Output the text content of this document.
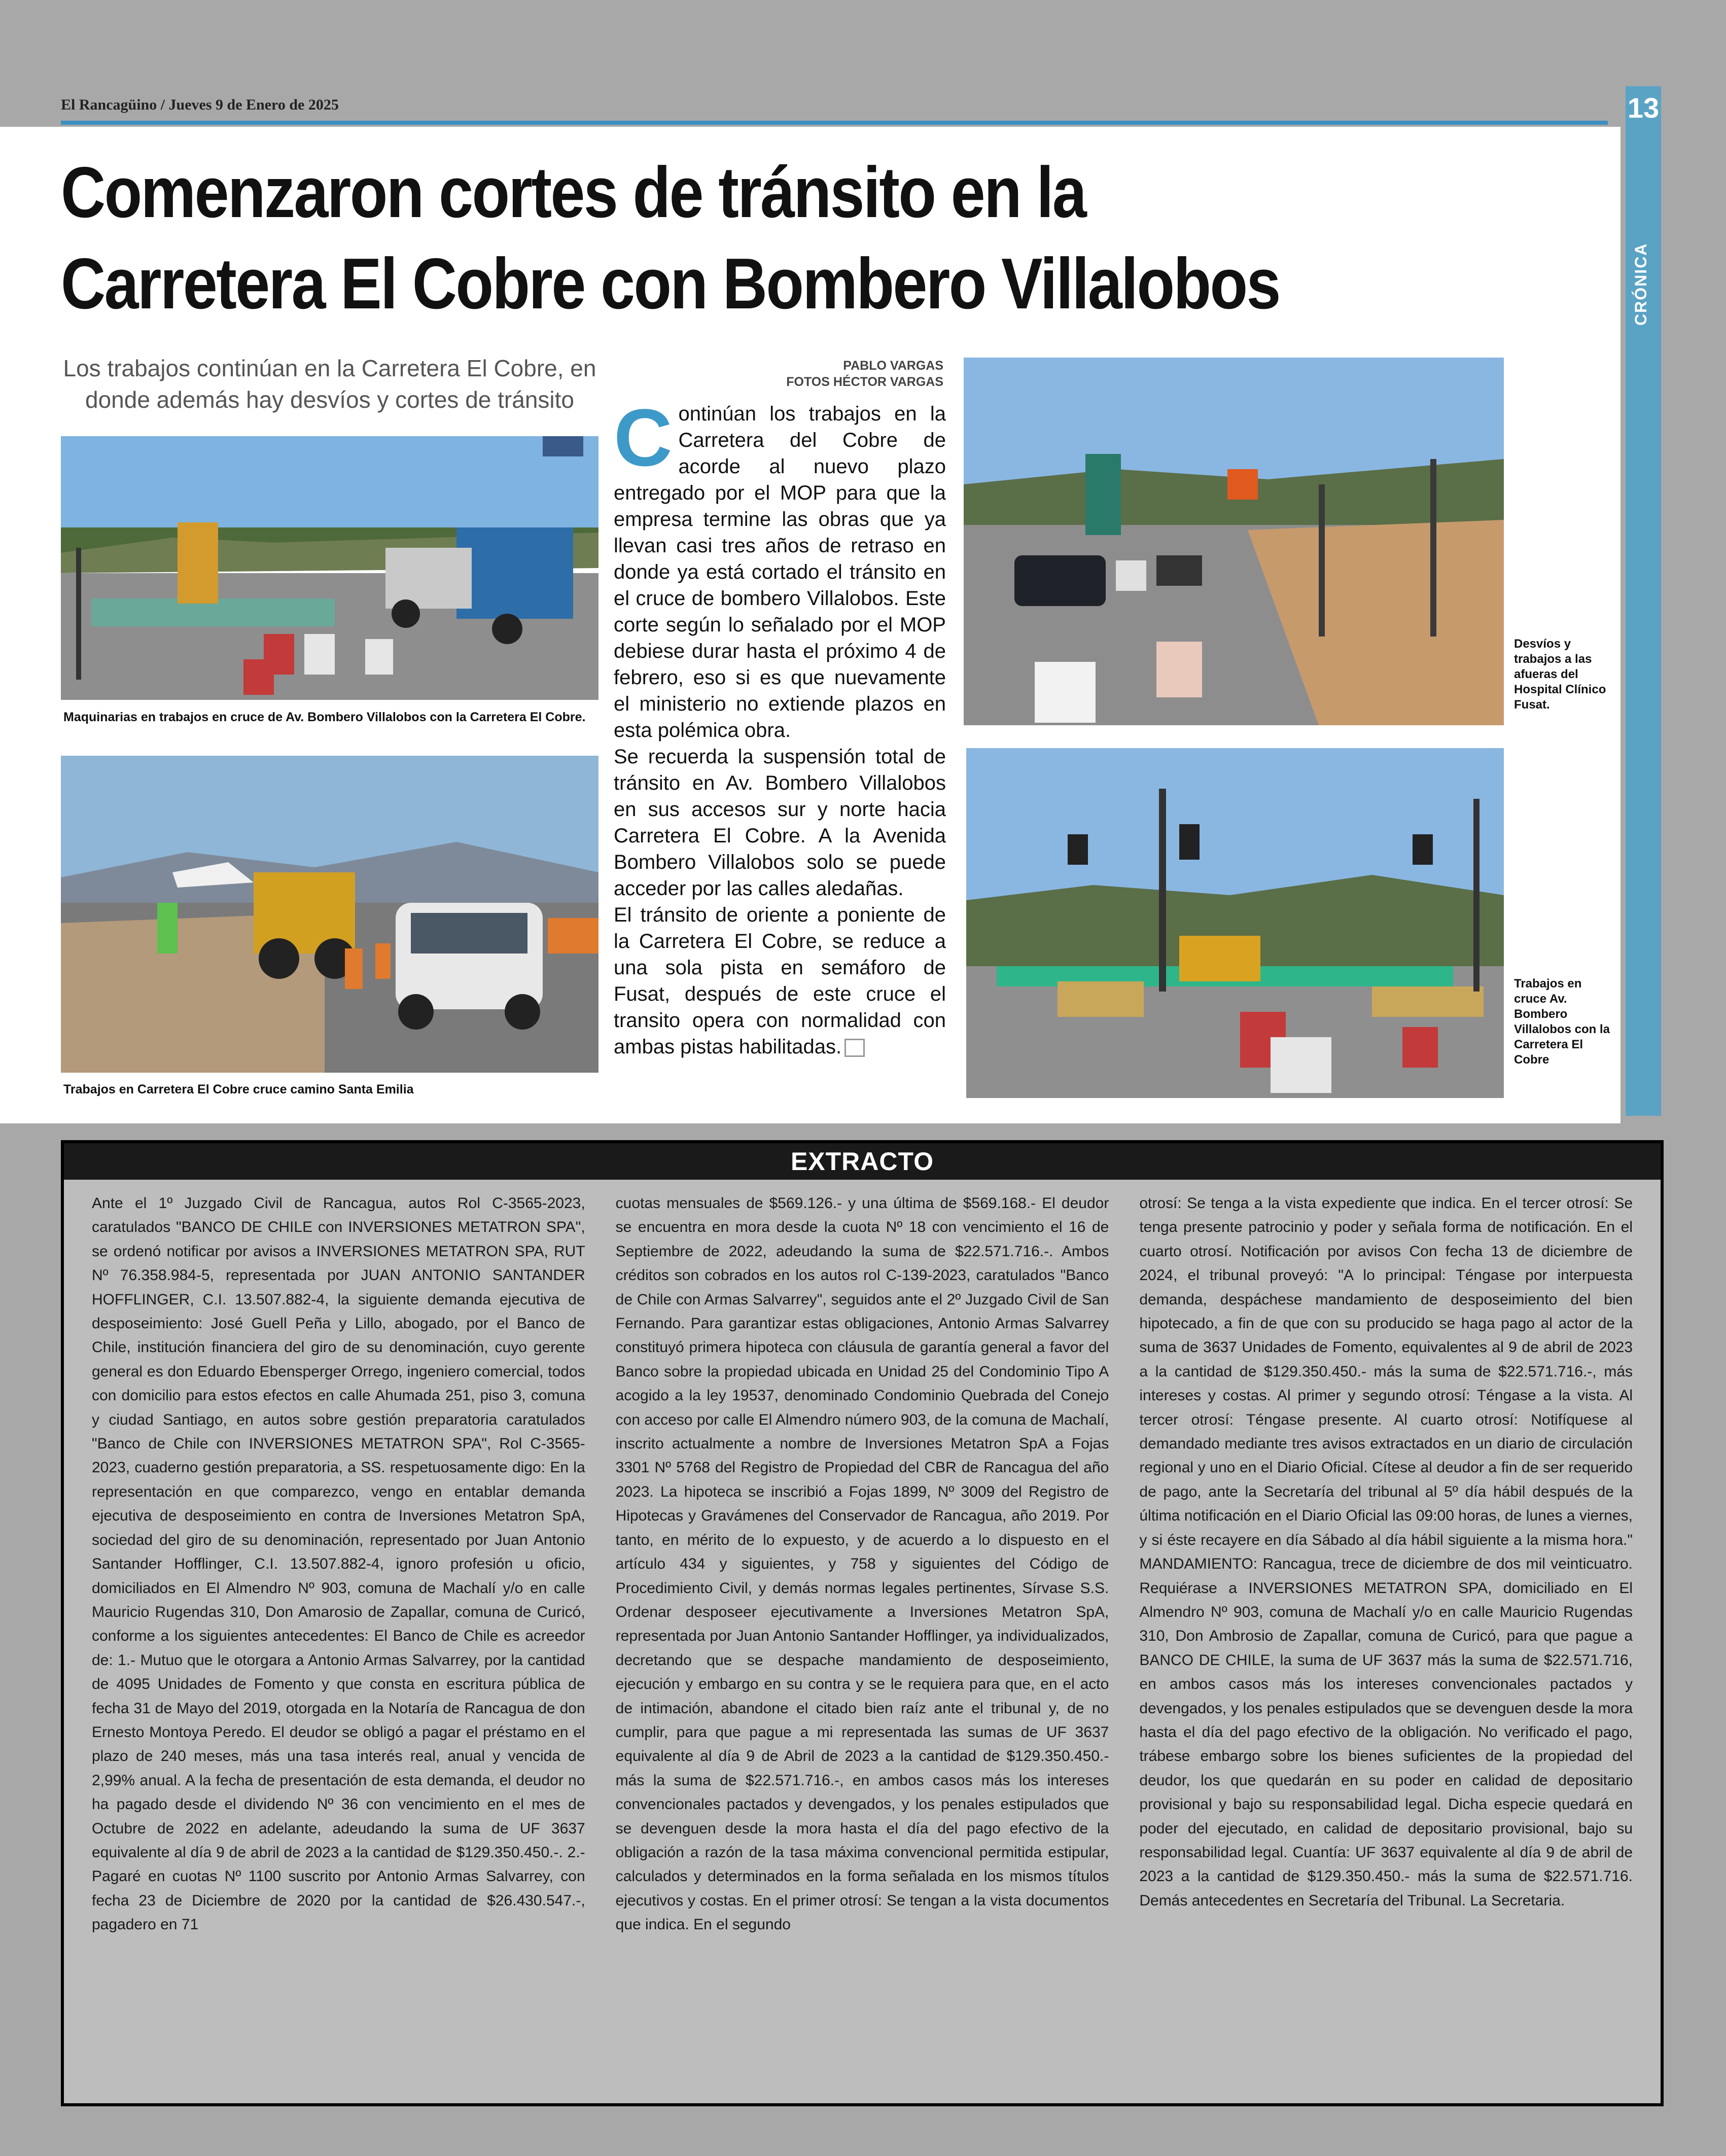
El Rancagüino / Jueves 9 de Enero de 2025	13
CRÓNICA
Comenzaron cortes de tránsito en la
Carretera El Cobre con Bombero Villalobos
Los trabajos continúan en la Carretera El Cobre, en donde además hay desvíos y cortes de tránsito
Maquinarias en trabajos en cruce de Av. Bombero Villalobos con la Carretera El Cobre.
Trabajos en Carretera El Cobre cruce camino Santa Emilia
PABLO VARGAS
FOTOS HÉCTOR VARGAS

Continúan los trabajos en la Carretera del Cobre de acorde al nuevo plazo entregado por el MOP para que la empresa termine las obras que ya llevan casi tres años de retraso en donde ya está cortado el tránsito en el cruce de bombero Villalobos. Este corte según lo señalado por el MOP debiese durar hasta el próximo 4 de febrero, eso si es que nuevamente el ministerio no extiende plazos en esta polémica obra.

Se recuerda la suspensión total de tránsito en Av. Bombero Villalobos en sus accesos sur y norte hacia Carretera El Cobre. A la Avenida Bombero Villalobos solo se puede acceder por las calles aledañas.

El tránsito de oriente a poniente de la Carretera El Cobre, se reduce a una sola pista en semáforo de Fusat, después de este cruce el transito opera con normalidad con ambas pistas habilitadas.

Desvíos y trabajos a las afueras del Hospital Clínico Fusat.
Trabajos en cruce Av. Bombero Villalobos con la Carretera El Cobre
EXTRACTO
Ante el 1º Juzgado Civil de Rancagua, autos Rol C-3565-2023, caratulados "BANCO DE CHILE con INVERSIONES METATRON SPA", se ordenó notificar por avisos a INVERSIONES METATRON SPA, RUT Nº 76.358.984-5, representada por JUAN ANTONIO SANTANDER HOFFLINGER, C.I. 13.507.882-4, la siguiente demanda ejecutiva de desposeimiento: José Guell Peña y Lillo, abogado, por el Banco de Chile, institución financiera del giro de su denominación, cuyo gerente general es don Eduardo Ebensperger Orrego, ingeniero comercial, todos con domicilio para estos efectos en calle Ahumada 251, piso 3, comuna y ciudad Santiago, en autos sobre gestión preparatoria caratulados "Banco de Chile con INVERSIONES METATRON SPA", Rol C-3565-2023, cuaderno gestión preparatoria, a SS. respetuosamente digo: En la representación en que comparezco, vengo en entablar demanda ejecutiva de desposeimiento en contra de Inversiones Metatron SpA, sociedad del giro de su denominación, representado por Juan Antonio Santander Hofflinger, C.I. 13.507.882-4, ignoro profesión u oficio, domiciliados en El Almendro Nº 903, comuna de Machalí y/o en calle Mauricio Rugendas 310, Don Amarosio de Zapallar, comuna de Curicó, conforme a los siguientes antecedentes: El Banco de Chile es acreedor de: 1.- Mutuo que le otorgara a Antonio Armas Salvarrey, por la cantidad de 4095 Unidades de Fomento y que consta en escritura pública de fecha 31 de Mayo del 2019, otorgada en la Notaría de Rancagua de don Ernesto Montoya Peredo. El deudor se obligó a pagar el préstamo en el plazo de 240 meses, más una tasa interés real, anual y vencida de 2,99% anual. A la fecha de presentación de esta demanda, el deudor no ha pagado desde el dividendo Nº 36 con vencimiento en el mes de Octubre de 2022 en adelante, adeudando la suma de UF 3637 equivalente al día 9 de abril de 2023 a la cantidad de $129.350.450.-. 2.- Pagaré en cuotas Nº 1100 suscrito por Antonio Armas Salvarrey, con fecha 23 de Diciembre de 2020 por la cantidad de $26.430.547.-, pagadero en 71
cuotas mensuales de $569.126.- y una última de $569.168.- El deudor se encuentra en mora desde la cuota Nº 18 con vencimiento el 16 de Septiembre de 2022, adeudando la suma de $22.571.716.-. Ambos créditos son cobrados en los autos rol C-139-2023, caratulados "Banco de Chile con Armas Salvarrey", seguidos ante el 2º Juzgado Civil de San Fernando. Para garantizar estas obligaciones, Antonio Armas Salvarrey constituyó primera hipoteca con cláusula de garantía general a favor del Banco sobre la propiedad ubicada en Unidad 25 del Condominio Tipo A acogido a la ley 19537, denominado Condominio Quebrada del Conejo con acceso por calle El Almendro número 903, de la comuna de Machalí, inscrito actualmente a nombre de Inversiones Metatron SpA a Fojas 3301 Nº 5768 del Registro de Propiedad del CBR de Rancagua del año 2023. La hipoteca se inscribió a Fojas 1899, Nº 3009 del Registro de Hipotecas y Gravámenes del Conservador de Rancagua, año 2019. Por tanto, en mérito de lo expuesto, y de acuerdo a lo dispuesto en el artículo 434 y siguientes, y 758 y siguientes del Código de Procedimiento Civil, y demás normas legales pertinentes, Sírvase S.S. Ordenar desposeer ejecutivamente a Inversiones Metatron SpA, representada por Juan Antonio Santander Hofflinger, ya individualizados, decretando que se despache mandamiento de desposeimiento, ejecución y embargo en su contra y se le requiera para que, en el acto de intimación, abandone el citado bien raíz ante el tribunal y, de no cumplir, para que pague a mi representada las sumas de UF 3637 equivalente al día 9 de Abril de 2023 a la cantidad de $129.350.450.- más la suma de $22.571.716.-, en ambos casos más los intereses convencionales pactados y devengados, y los penales estipulados que se devenguen desde la mora hasta el día del pago efectivo de la obligación a razón de la tasa máxima convencional permitida estipular, calculados y determinados en la forma señalada en los mismos títulos ejecutivos y costas. En el primer otrosí: Se tengan a la vista documentos que indica. En el segundo
otrosí: Se tenga a la vista expediente que indica. En el tercer otrosí: Se tenga presente patrocinio y poder y señala forma de notificación. En el cuarto otrosí. Notificación por avisos Con fecha 13 de diciembre de 2024, el tribunal proveyó: "A lo principal: Téngase por interpuesta demanda, despáchese mandamiento de desposeimiento del bien hipotecado, a fin de que con su producido se haga pago al actor de la suma de 3637 Unidades de Fomento, equivalentes al 9 de abril de 2023 a la cantidad de $129.350.450.- más la suma de $22.571.716.-, más intereses y costas. Al primer y segundo otrosí: Téngase a la vista. Al tercer otrosí: Téngase presente. Al cuarto otrosí: Notifíquese al demandado mediante tres avisos extractados en un diario de circulación regional y uno en el Diario Oficial. Cítese al deudor a fin de ser requerido de pago, ante la Secretaría del tribunal al 5º día hábil después de la última notificación en el Diario Oficial las 09:00 horas, de lunes a viernes, y si éste recayere en día Sábado al día hábil siguiente a la misma hora." MANDAMIENTO: Rancagua, trece de diciembre de dos mil veinticuatro. Requiérase a INVERSIONES METATRON SPA, domiciliado en El Almendro Nº 903, comuna de Machalí y/o en calle Mauricio Rugendas 310, Don Ambrosio de Zapallar, comuna de Curicó, para que pague a BANCO DE CHILE, la suma de UF 3637 más la suma de $22.571.716, en ambos casos más los intereses convencionales pactados y devengados, y los penales estipulados que se devenguen desde la mora hasta el día del pago efectivo de la obligación. No verificado el pago, trábese embargo sobre los bienes suficientes de la propiedad del deudor, los que quedarán en su poder en calidad de depositario provisional y bajo su responsabilidad legal. Dicha especie quedará en poder del ejecutado, en calidad de depositario provisional, bajo su responsabilidad legal. Cuantía: UF 3637 equivalente al día 9 de abril de 2023 a la cantidad de $129.350.450.- más la suma de $22.571.716. Demás antecedentes en Secretaría del Tribunal. La Secretaria.
